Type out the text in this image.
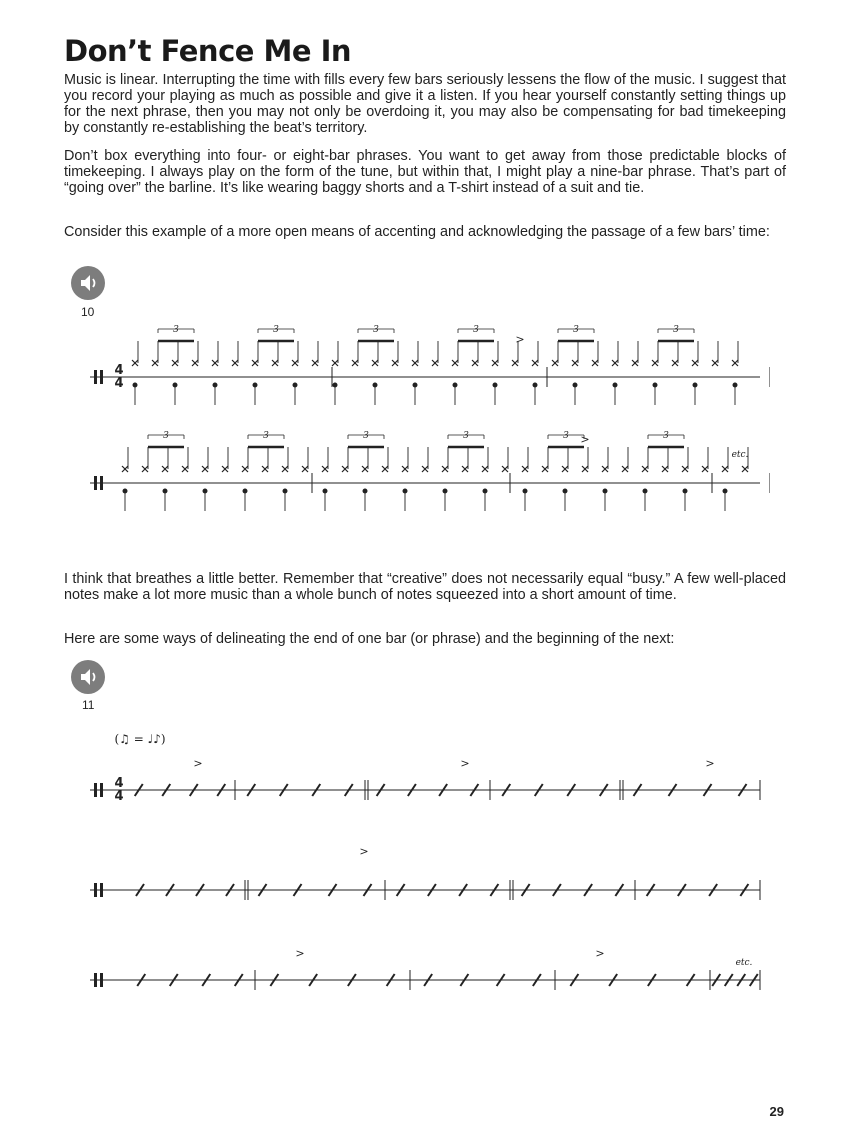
Don’t Fence Me In

Music is linear. Interrupting the time with fills every few bars seriously lessens the flow of the music. I suggest that you record your playing as much as possible and give it a listen. If you hear yourself constantly setting things up for the next phrase, then you may not only be overdoing it, you may also be compensating for bad timekeeping by constantly re-establishing the beat’s territory.

Don’t box everything into four- or eight-bar phrases. You want to get away from those predictable blocks of timekeeping. I always play on the form of the tune, but within that, I might play a nine-bar phrase. That’s part of “going over” the barline. It’s like wearing baggy shorts and a T-shirt instead of a suit and tie.

Consider this example of a more open means of accenting and acknowledging the passage of a few bars’ time:

10
4
4
3	3	3	3	3	3
3	3	3	3	3	3
etc.
>
>

I think that breathes a little better. Remember that “creative” does not necessarily equal “busy.” A few well-placed notes make a lot more music than a whole bunch of notes squeezed into a short amount of time.

Here are some ways of delineating the end of one bar (or phrase) and the beginning of the next:

11
(♫ = ♩♪)
4
4
>	>	>
>
>	>
etc.
29
